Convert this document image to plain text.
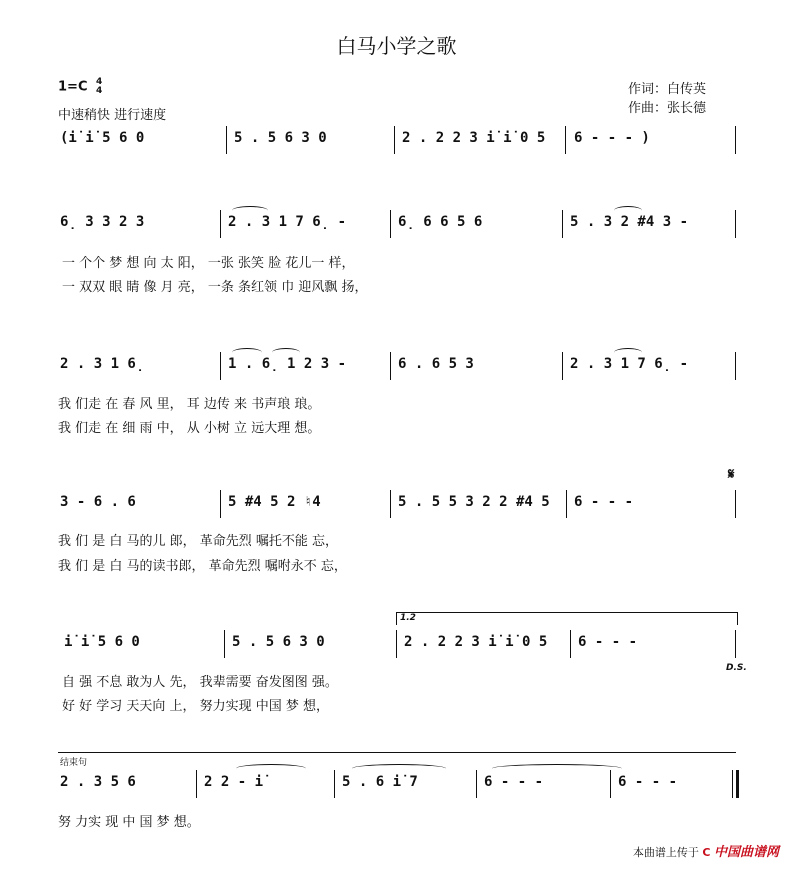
白马小学之歌
1=C 4
4
中速稍快 进行速度
作词：白传英
作曲：张长德
(i̇ i̇ 5 6 0	5 . 5 6 3 0	2 . 2 2 3 i̇ i̇ 0 5 6 - - - )
6̣ 3 3 2 3	2 . 3 1 7 6̣ -	6̣ 6 6 5 6	5 . 3 2 #4 3 -
一 个个 梦 想 向 太 阳， 一张 张笑 脸 花儿一 样，
一 双双 眼 睛 像 月 亮， 一条 条红领 巾 迎风飘 扬，
2 . 3 1 6̣	1 . 6̣ 1 2 3 -	6 . 6 5 3	2 . 3 1 7 6̣ -
我 们走 在 春 风 里， 耳 边传 来 书声琅 琅。
我 们走 在 细 雨 中， 从 小树 立 远大理 想。
𝄋
3 - 6 . 6	5 #4 5 2 ♮4	5 . 5 5 3 2 2 #4 5 6 - - -
我 们 是 白 马的儿 郎， 革命先烈 嘱托不能 忘，
我 们 是 白 马的读书郎， 革命先烈 嘱咐永不 忘，
1.2
i̇ i̇ 5 6 0	5 . 5 6 3 0	2 . 2 2 3 i̇ i̇ 0 5 6 - - -
D.S.
自 强 不息 敢为人 先， 我辈需要 奋发图图 强。
好 好 学习 天天向 上， 努力实现 中国 梦 想，
结束句
2 . 3 5 6	2 2 - i̇	5 . 6 i̇ 7	6 - - -	6 - - -
努 力实 现 中 国 梦 想。
本曲谱上传于 C 中国曲谱网
